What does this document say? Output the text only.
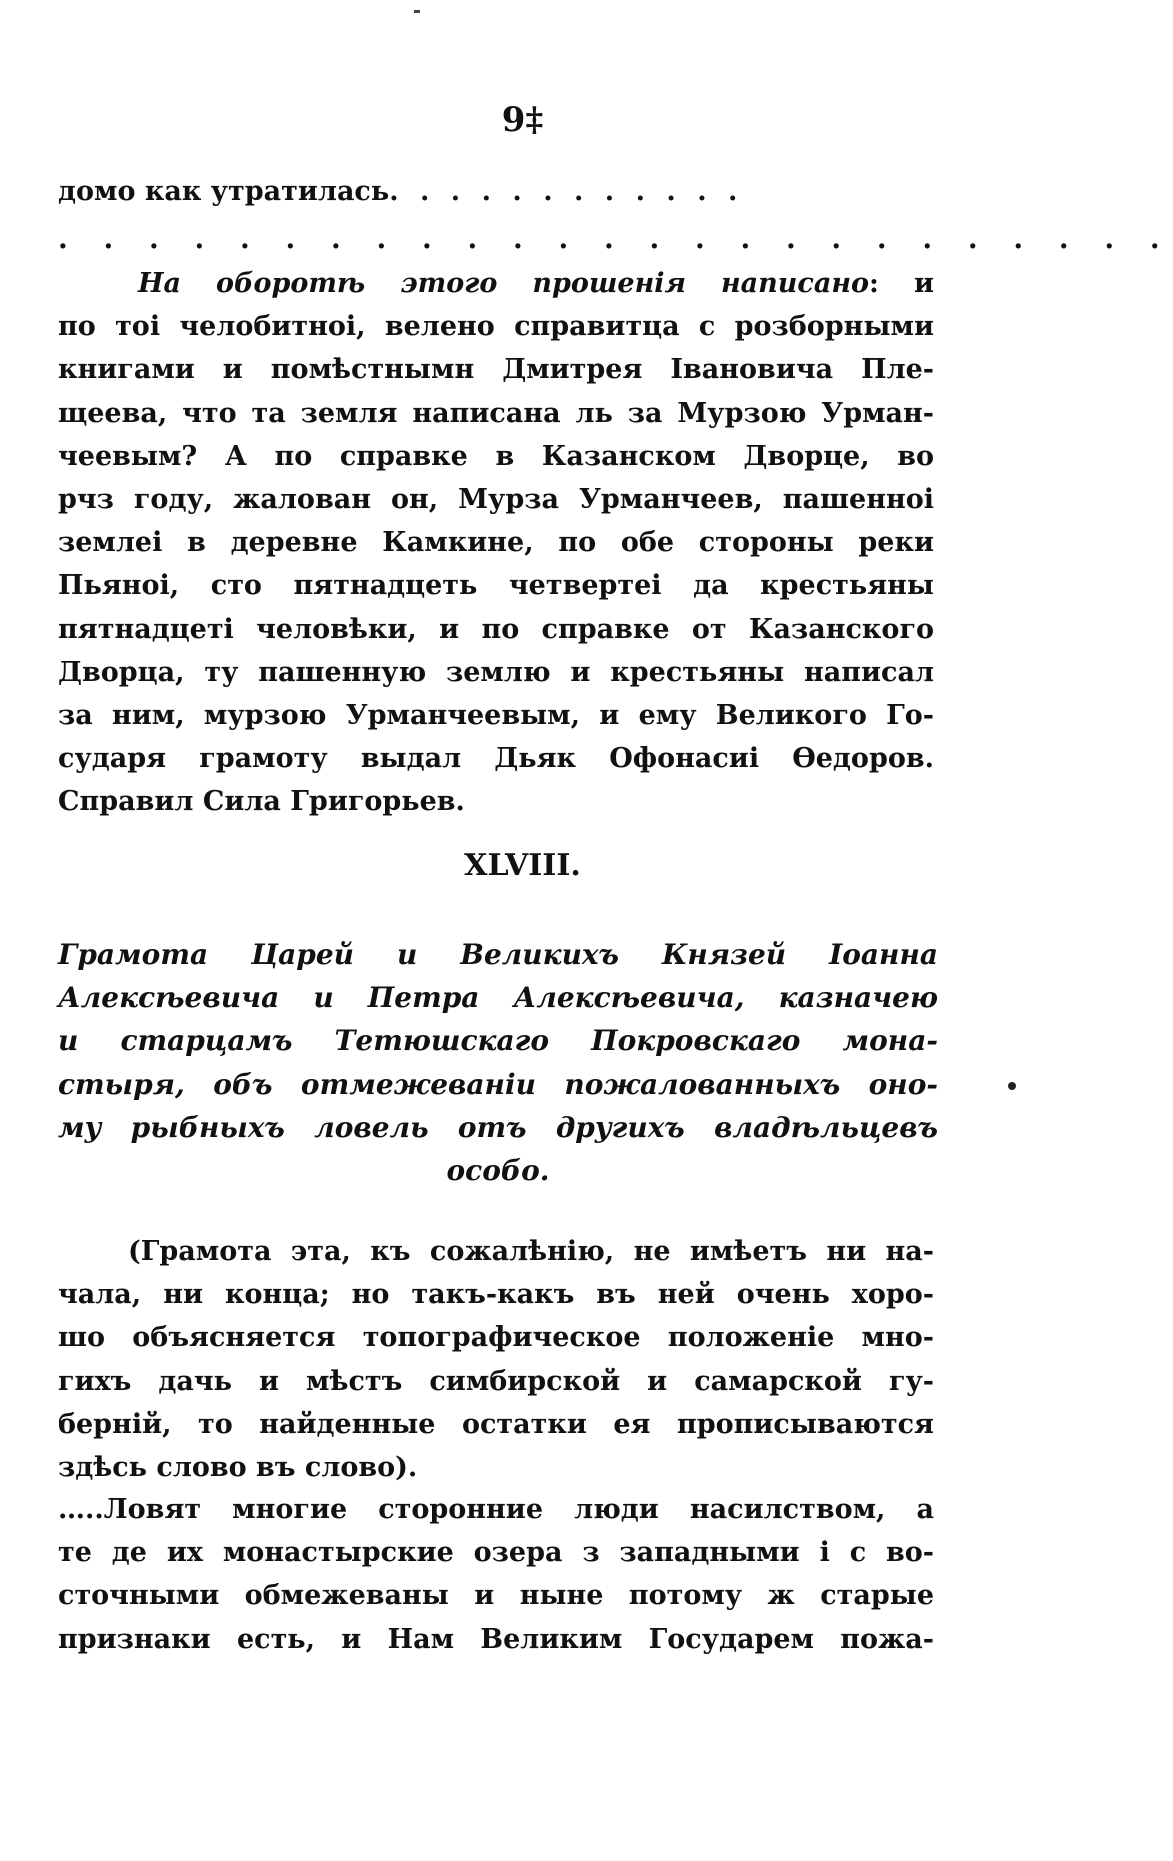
9‡
домо как утратилась. . . . . . . . . . . .
. . . . . . . . . . . . . . . . . . . . . . . . .
На оборотѣ этого прошенія написано: и
по тоі челобитноі, велено справитца с розборными
книгами и помѣстнымн Дмитрея Івановича Пле-
щеева, что та земля написана ль за Мурзою Урман-
чеевым? А по справке в Казанском Дворце, во
рчз году, жалован он, Мурза Урманчеев, пашенноі
землеі в деревне Камкине, по обе стороны реки
Пьяноі, сто пятнадцеть четвертеі да крестьяны
пятнадцеті человѣки, и по справке от Казанского
Дворца, ту пашенную землю и крестьяны написал
за ним, мурзою Урманчеевым, и ему Великого Го-
сударя грамоту выдал Дьяк Офонасиі Өедоров.
Справил Сила Григорьев.
XLVIII.
Грамота Царей и Великихъ Князей Іоанна
Алексѣевича и Петра Алексѣевича, казначею
и старцамъ Тетюшскаго Покровскаго мона-
стыря, объ отмежеваніи пожалованныхъ оно-
му рыбныхъ ловель отъ другихъ владѣльцевъ
особо.
(Грамота эта, къ сожалѣнію, не имѣетъ ни на-
чала, ни конца; но такъ-какъ въ ней очень хоро-
шо объясняется топографическое положеніе мно-
гихъ дачь и мѣстъ симбирской и самарской гу-
берній, то найденные остатки ея прописываются
здѣсь слово въ слово).
…..Ловят многие сторонние люди насилством, а
те де их монастырские озера з западными і с во-
сточными обмежеваны и ныне потому ж старые
признаки есть, и Нам Великим Государем пожа-
